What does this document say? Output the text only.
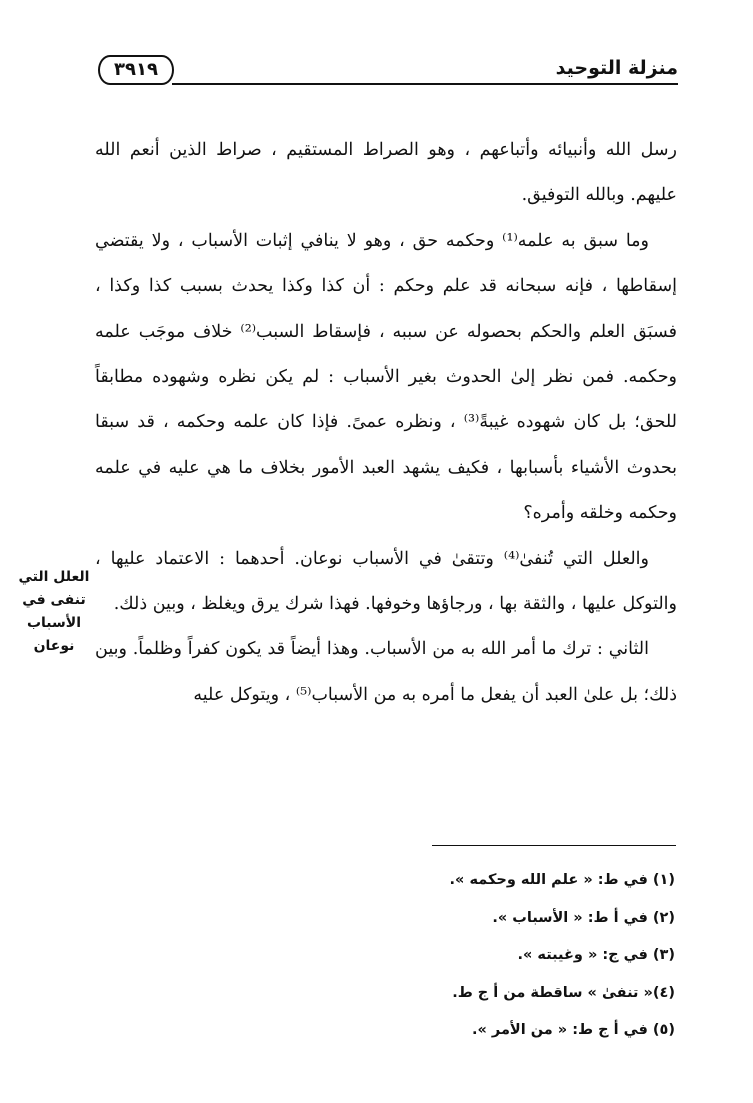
منزلة التوحيد
٣٩١٩

رسل الله وأنبيائه وأتباعهم ، وهو الصراط المستقيم ، صراط الذين أنعم الله عليهم. وبالله التوفيق.

وما سبق به علمه⁽¹⁾ وحكمه حق ، وهو لا ينافي إثبات الأسباب ، ولا يقتضي إسقاطها ، فإنه سبحانه قد علم وحكم : أن كذا وكذا يحدث بسبب كذا وكذا ، فسبَق العلم والحكم بحصوله عن سببه ، فإسقاط السبب⁽²⁾ خلاف موجَب علمه وحكمه. فمن نظر إلىٰ الحدوث بغير الأسباب : لم يكن نظره وشهوده مطابقاً للحق؛ بل كان شهوده غيبةً⁽³⁾ ، ونظره عمىً. فإذا كان علمه وحكمه ، قد سبقا بحدوث الأشياء بأسبابها ، فكيف يشهد العبد الأمور بخلاف ما هي عليه في علمه وحكمه وخلقه وأمره؟

والعلل التي تُنفىٰ⁽⁴⁾ وتتقىٰ في الأسباب نوعان. أحدهما : الاعتماد عليها ، والتوكل عليها ، والثقة بها ، ورجاؤها وخوفها. فهذا شرك يرق ويغلظ ، وبين ذلك.

الثاني : ترك ما أمر الله به من الأسباب. وهذا أيضاً قد يكون كفراً وظلماً. وبين ذلك؛ بل علىٰ العبد أن يفعل ما أمره به من الأسباب⁽⁵⁾ ، ويتوكل عليه

العلل التي
تنفى في
الأسباب
نوعان
(١) في ط: « علم الله وحكمه ».
(٢) في أ ط: « الأسباب ».
(٣) في ج: « وغيبته ».
(٤)« تنفىٰ » ساقطة من أ ج ط.
(٥) في أ ج ط: « من الأمر ».
